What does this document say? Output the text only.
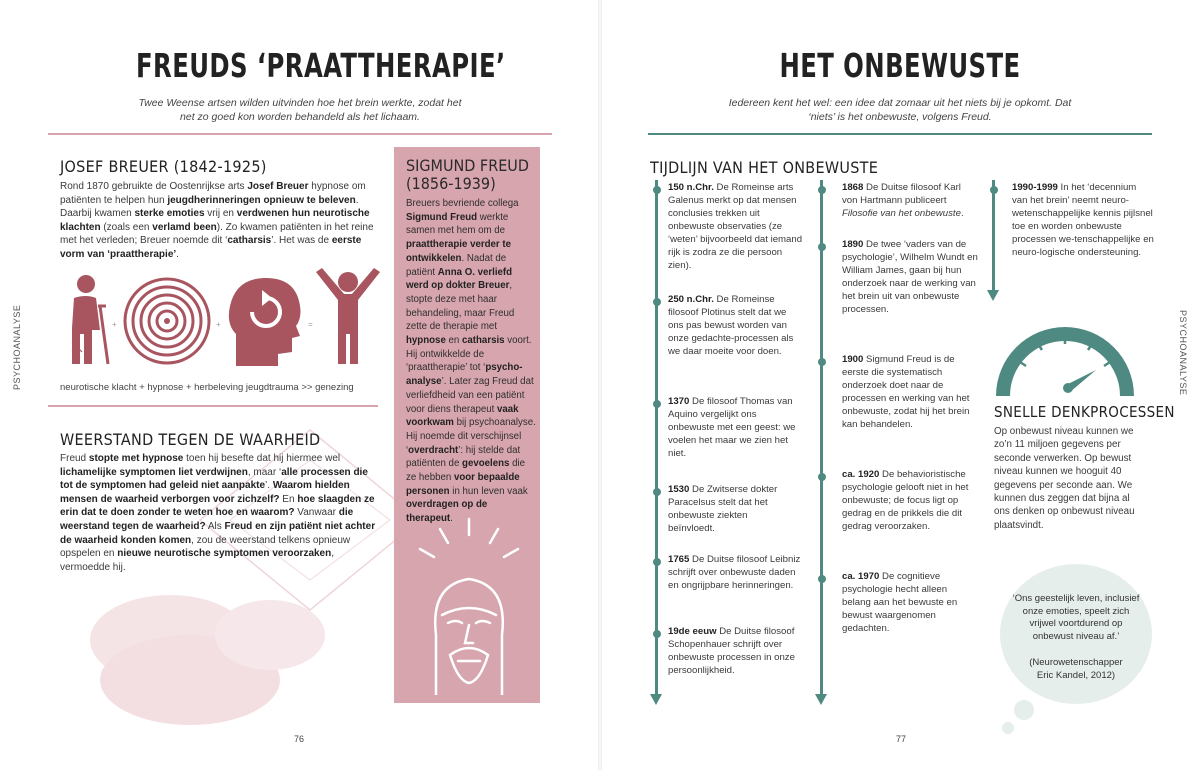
FREUDS ‘PRAATTHERAPIE’
Twee Weense artsen wilden uitvinden hoe het brein werkte, zodat het net zo goed kon worden behandeld als het lichaam.
JOSEF BREUER (1842-1925)
Rond 1870 gebruikte de Oostenrijkse arts Josef Breuer hypnose om patiënten te helpen hun jeugdherinneringen opnieuw te beleven. Daarbij kwamen sterke emoties vrij en verdwenen hun neurotische klachten (zoals een verlamd been). Zo kwamen patiënten in het reine met het verleden; Breuer noemde dit ‘catharsis’. Het was de eerste vorm van ‘praattherapie’.
+	+	=
neurotische klacht + hypnose + herbeleving jeugdtrauma >> genezing
WEERSTAND TEGEN DE WAARHEID
Freud stopte met hypnose toen hij besefte dat hij hiermee wel lichamelijke symptomen liet verdwijnen, maar ‘alle processen die tot de symptomen had geleid niet aanpakte’. Waarom hielden mensen de waarheid verborgen voor zichzelf? En hoe slaagden ze erin dat te doen zonder te weten hoe en waarom? Vanwaar die weerstand tegen de waarheid? Als Freud en zijn patiënt niet achter de waarheid konden komen, zou de weerstand telkens opnieuw opspelen en nieuwe neurotische symptomen veroorzaken, vermoedde hij.
SIGMUND FREUD (1856-1939)
Breuers bevriende collega Sigmund Freud werkte samen met hem om de praattherapie verder te ontwikkelen. Nadat de patiënt Anna O. verliefd werd op dokter Breuer, stopte deze met haar behandeling, maar Freud zette de therapie met hypnose en catharsis voort. Hij ontwikkelde de ‘praattherapie’ tot ‘psycho-analyse’. Later zag Freud dat verliefdheid van een patiënt voor diens therapeut vaak voorkwam bij psychoanalyse. Hij noemde dit verschijnsel ‘overdracht’: hij stelde dat patiënten de gevoelens die ze hebben voor bepaalde personen in hun leven vaak overdragen op de therapeut.
PSYCHOANALYSE
76
HET ONBEWUSTE
Iedereen kent het wel: een idee dat zomaar uit het niets bij je opkomt. Dat ‘niets’ is het onbewuste, volgens Freud.
TIJDLIJN VAN HET ONBEWUSTE
150 n.Chr. De Romeinse arts Galenus merkt op dat mensen conclusies trekken uit onbewuste observaties (ze ‘weten’ bijvoorbeeld dat iemand rijk is zodra ze die persoon zien).
250 n.Chr. De Romeinse filosoof Plotinus stelt dat we ons pas bewust worden van onze gedachte-processen als we daar moeite voor doen.
1370 De filosoof Thomas van Aquino vergelijkt ons onbewuste met een geest: we voelen het maar we zien het niet.
1530 De Zwitserse dokter Paracelsus stelt dat het onbewuste ziekten beïnvloedt.
1765 De Duitse filosoof Leibniz schrijft over onbewuste daden en ongrijpbare herinneringen.
19de eeuw De Duitse filosoof Schopenhauer schrijft over onbewuste processen in onze persoonlijkheid.
1868 De Duitse filosoof Karl von Hartmann publiceert Filosofie van het onbewuste.
1890 De twee ‘vaders van de psychologie’, Wilhelm Wundt en William James, gaan bij hun onderzoek naar de werking van het brein uit van onbewuste processen.
1900 Sigmund Freud is de eerste die systematisch onderzoek doet naar de processen en werking van het onbewuste, zodat hij het brein kan behandelen.
ca. 1920 De behavioristische psychologie gelooft niet in het onbewuste; de focus ligt op gedrag en de prikkels die dit gedrag veroorzaken.
ca. 1970 De cognitieve psychologie hecht alleen belang aan het bewuste en bewust waargenomen gedachten.
1990-1999 In het ‘decennium van het brein’ neemt neuro-wetenschappelijke kennis pijlsnel toe en worden onbewuste processen we-tenschappelijke en neuro-logische ondersteuning.
SNELLE DENKPROCESSEN
Op onbewust niveau kunnen we zo’n 11 miljoen gegevens per seconde verwerken. Op bewust niveau kunnen we hooguit 40 gegevens per seconde aan. We kunnen dus zeggen dat bijna al ons denken op onbewust niveau plaatsvindt.
‘Ons geestelijk leven, inclusief onze emoties, speelt zich vrijwel voortdurend op onbewust niveau af.’
(Neurowetenschapper Eric Kandel, 2012)
PSYCHOANALYSE
77
